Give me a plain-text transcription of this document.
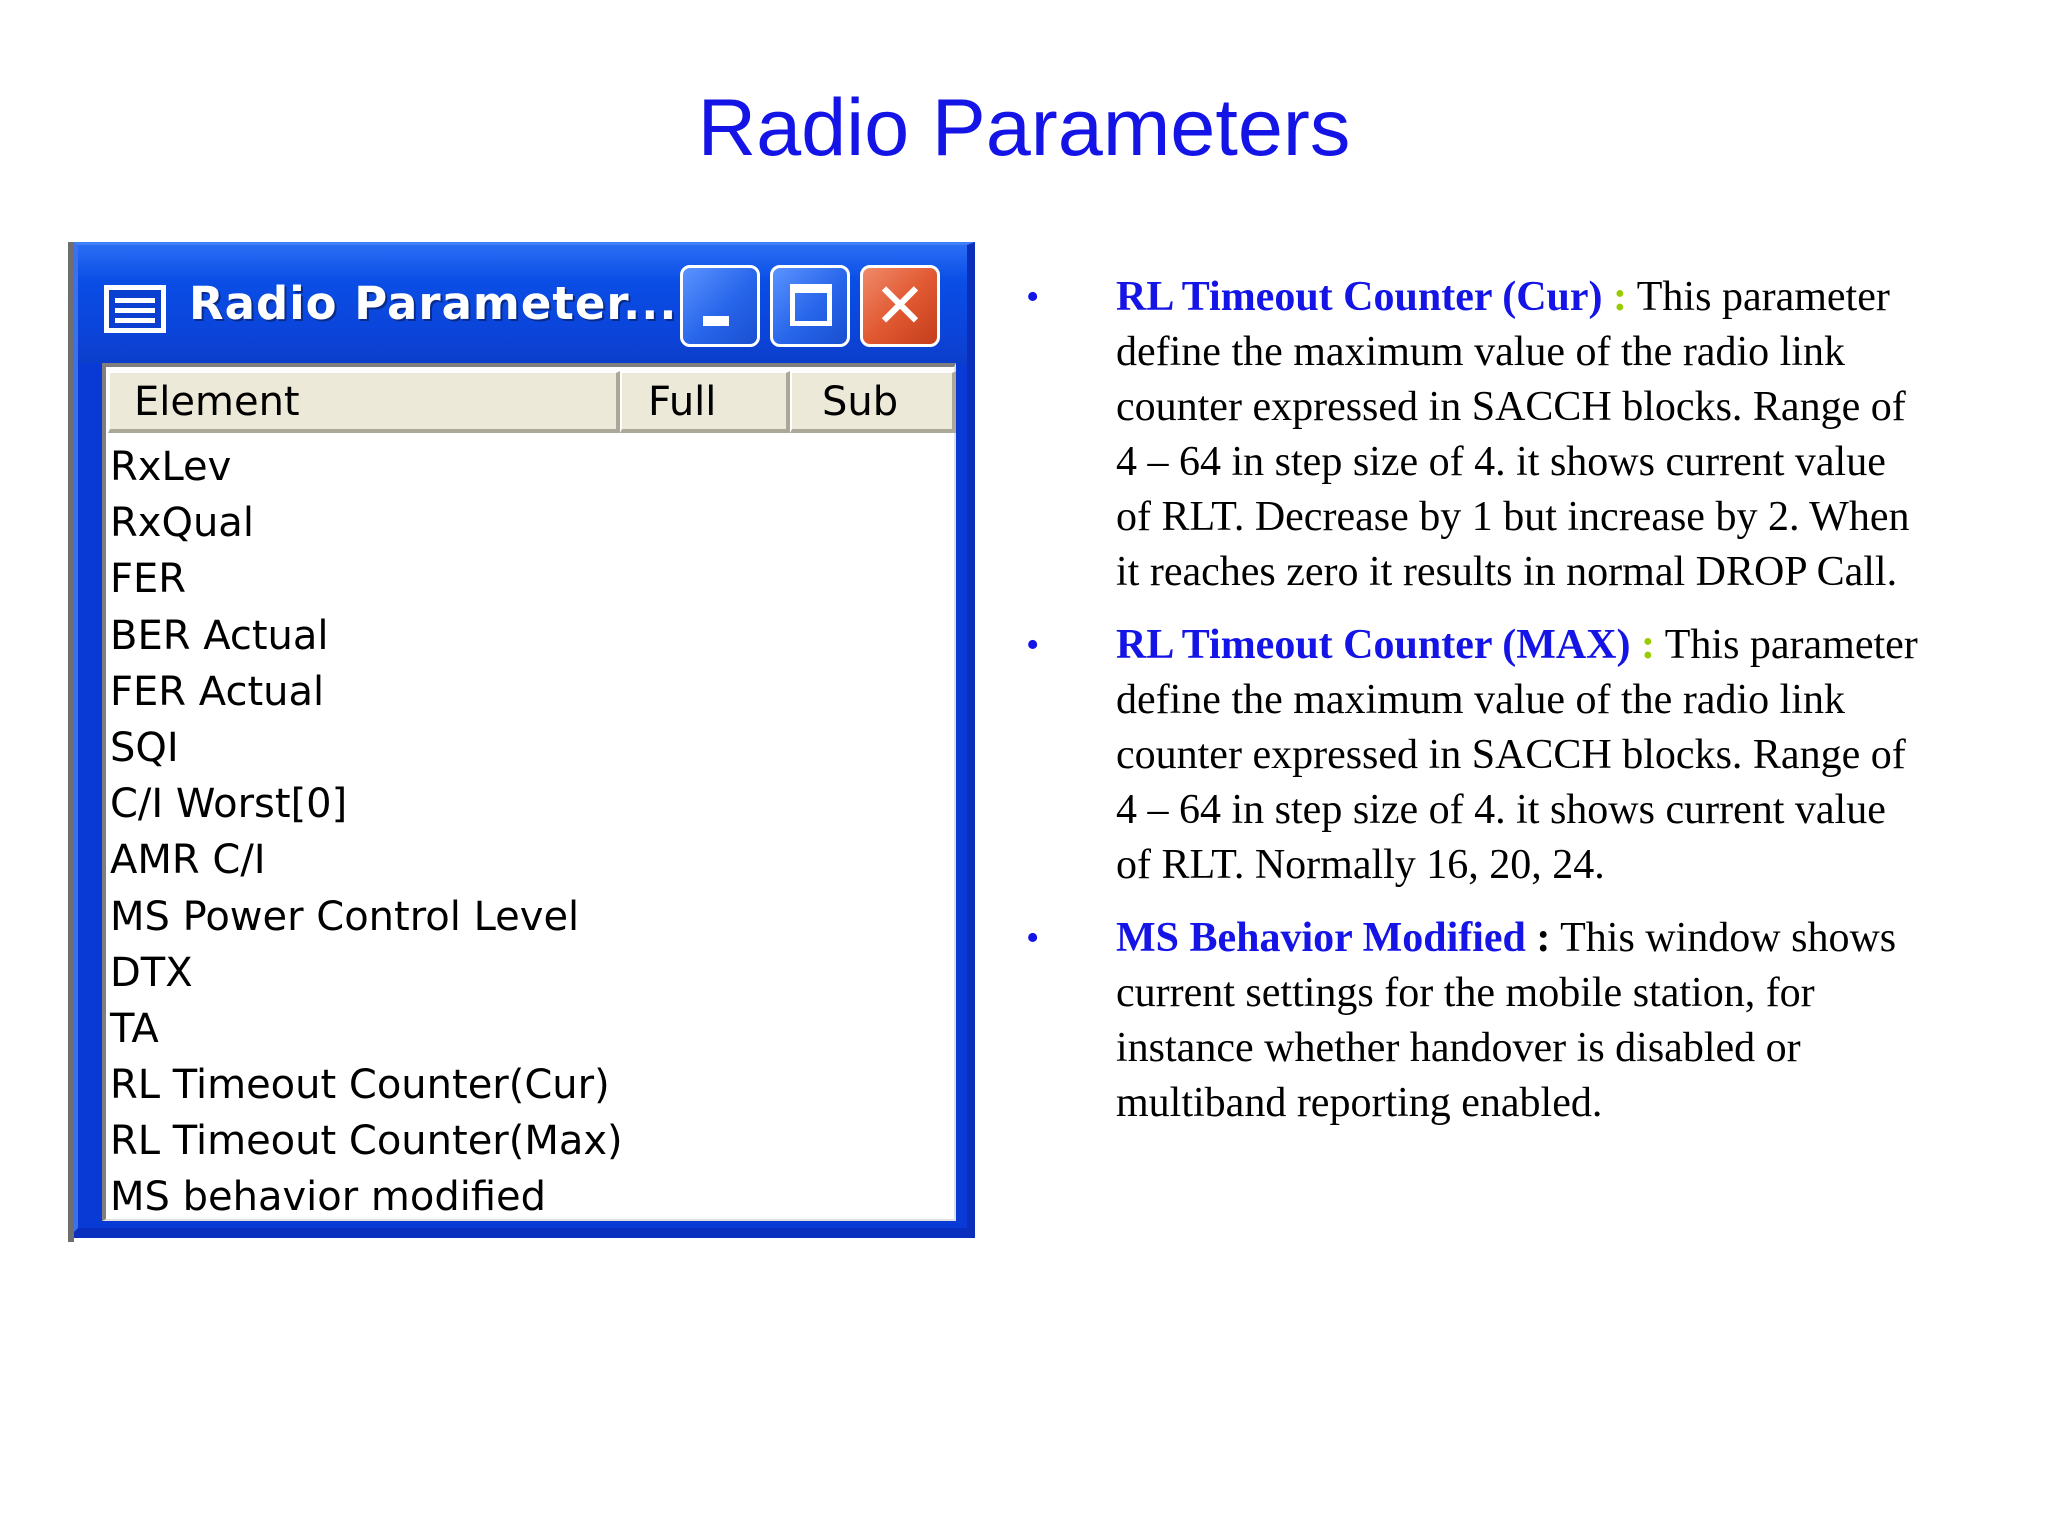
Radio Parameters
Radio Parameter...	✕
Element	Full	Sub
RxLev
RxQual
FER
BER Actual
FER Actual
SQI
C/I Worst[0]
AMR C/I
MS Power Control Level
DTX
TA
RL Timeout Counter(Cur)
RL Timeout Counter(Max)
MS behavior modified
• RL Timeout Counter (Cur) : This parameter define the maximum value of the radio link counter expressed in SACCH blocks. Range of 4 – 64 in step size of 4. it shows current value of RLT. Decrease by 1 but increase by 2. When it reaches zero it results in normal DROP Call.
• RL Timeout Counter (MAX) : This parameter define the maximum value of the radio link counter expressed in SACCH blocks. Range of 4 – 64 in step size of 4. it shows current value of RLT. Normally 16, 20, 24.
• MS Behavior Modified : This window shows current settings for the mobile station, for instance whether handover is disabled or multiband reporting enabled.
